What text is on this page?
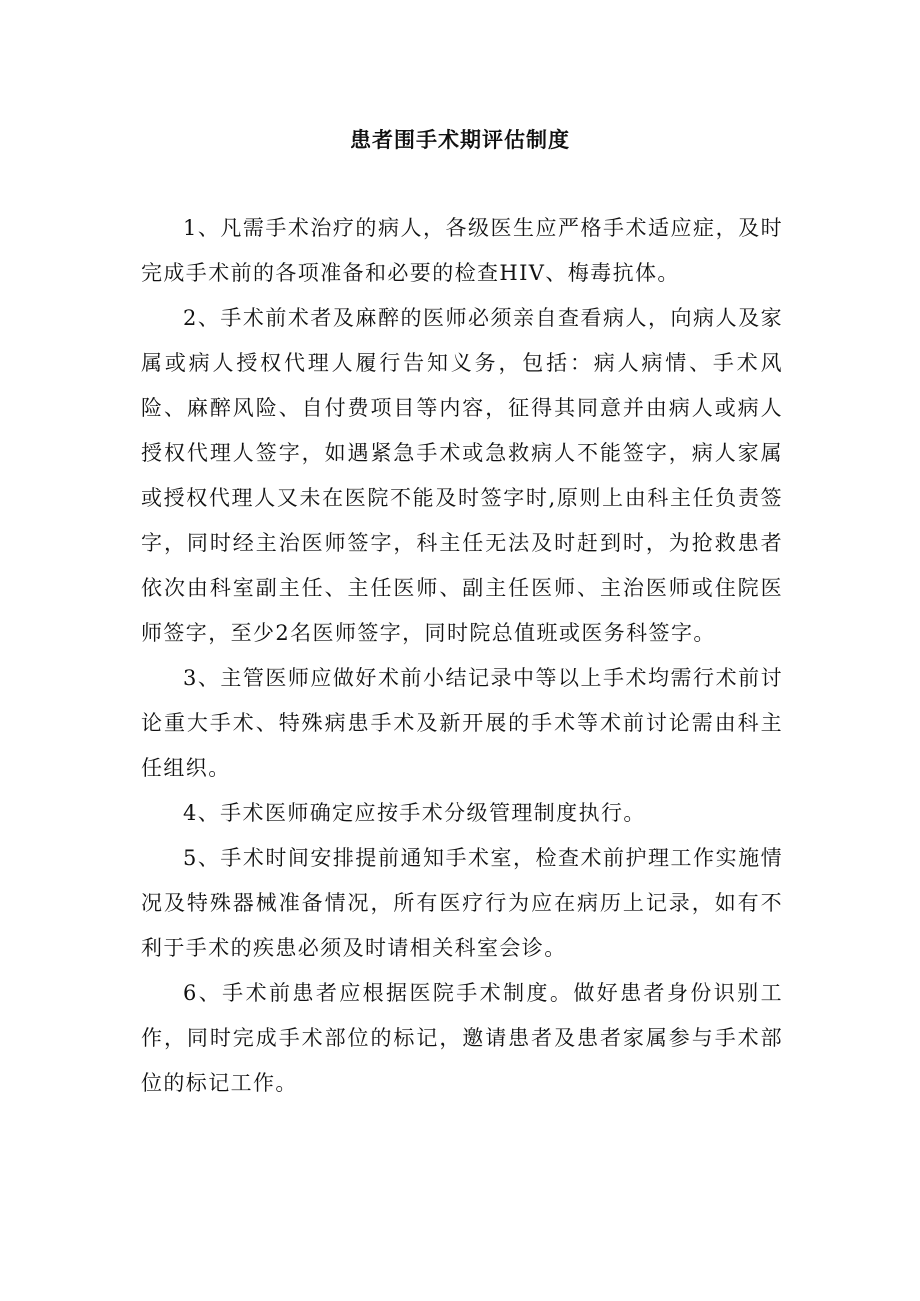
患者围手术期评估制度

1、凡需手术治疗的病人，各级医生应严格手术适应症，及时完成手术前的各项准备和必要的检查HIV、梅毒抗体。

2、手术前术者及麻醉的医师必须亲自查看病人，向病人及家属或病人授权代理人履行告知义务，包括：病人病情、手术风险、麻醉风险、自付费项目等内容，征得其同意并由病人或病人授权代理人签字，如遇紧急手术或急救病人不能签字，病人家属或授权代理人又未在医院不能及时签字时,原则上由科主任负责签字，同时经主治医师签字，科主任无法及时赶到时，为抢救患者依次由科室副主任、主任医师、副主任医师、主治医师或住院医师签字，至少2名医师签字，同时院总值班或医务科签字。

3、主管医师应做好术前小结记录中等以上手术均需行术前讨论重大手术、特殊病患手术及新开展的手术等术前讨论需由科主任组织。

4、手术医师确定应按手术分级管理制度执行。

5、手术时间安排提前通知手术室，检查术前护理工作实施情况及特殊器械准备情况，所有医疗行为应在病历上记录，如有不利于手术的疾患必须及时请相关科室会诊。

6、手术前患者应根据医院手术制度。做好患者身份识别工作，同时完成手术部位的标记，邀请患者及患者家属参与手术部位的标记工作。
